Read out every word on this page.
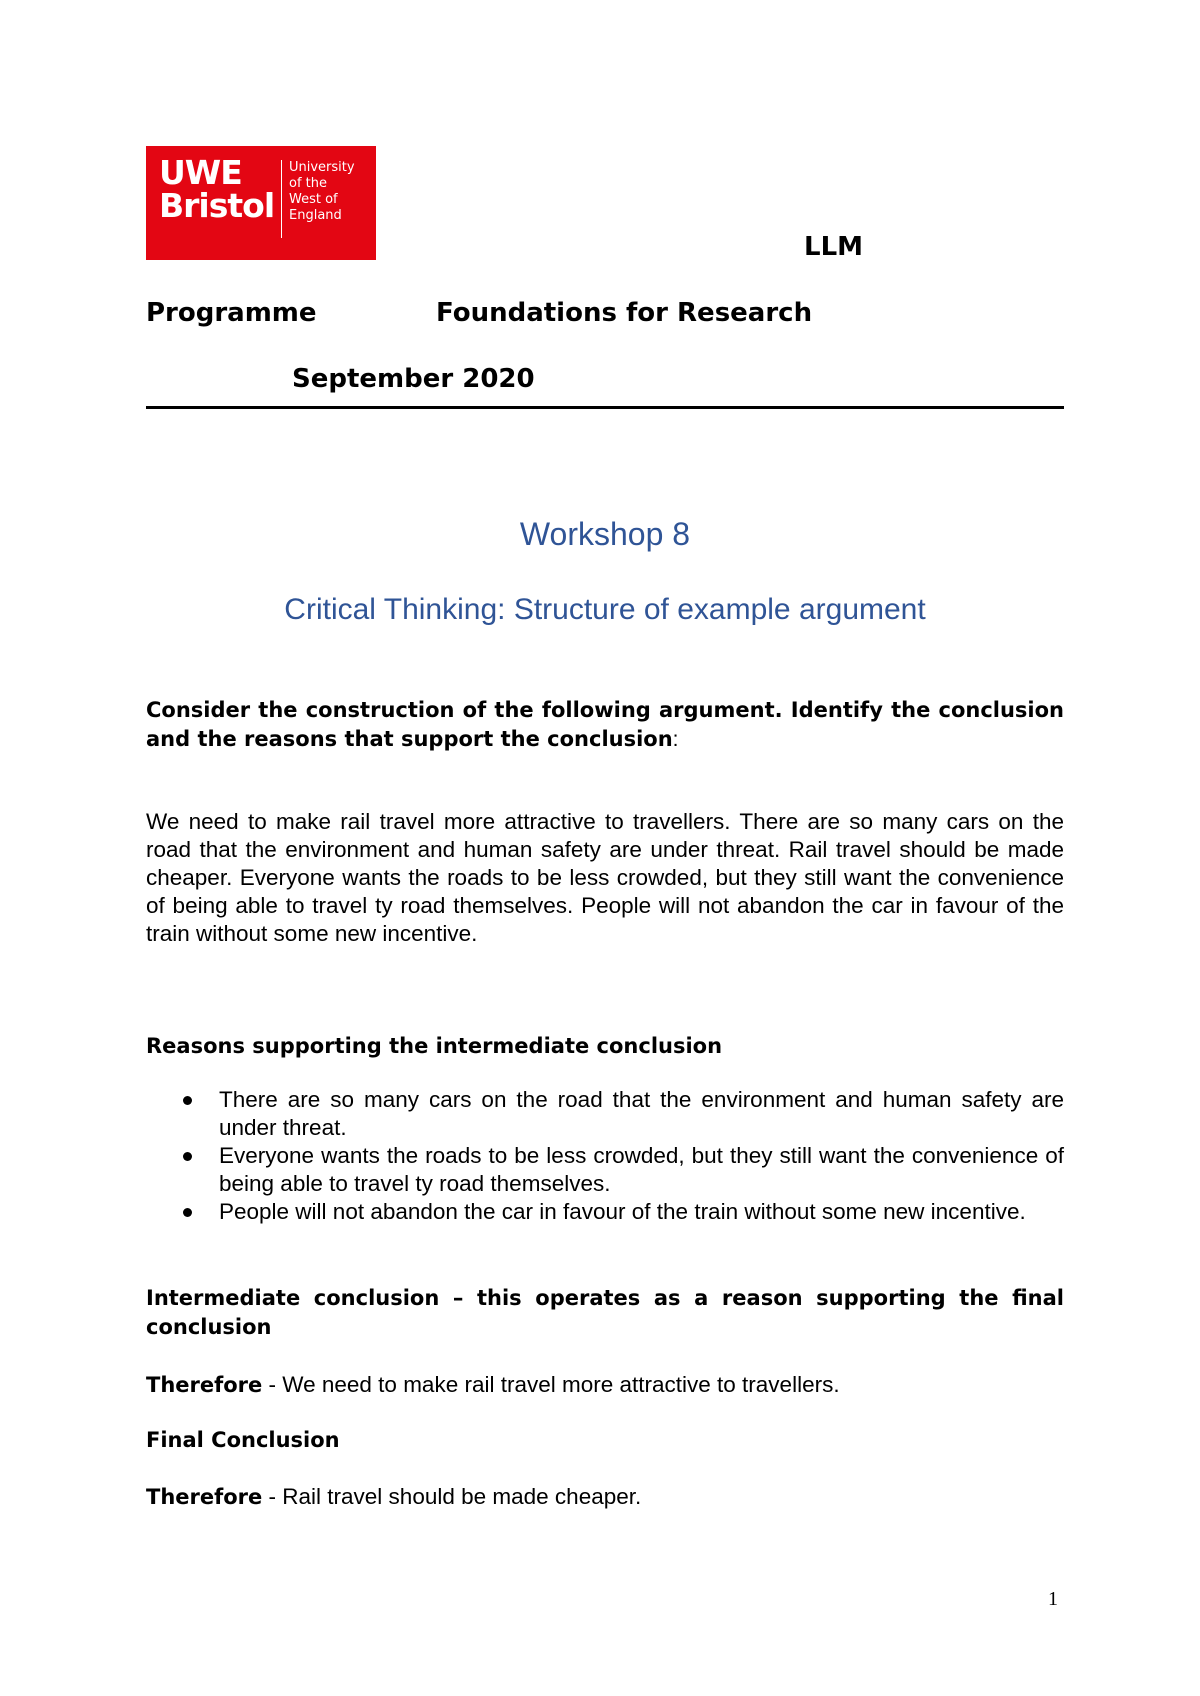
UWE
Bristol
University
of the
West of
England
LLM
Programme	Foundations for Research
September 2020
Workshop 8
Critical Thinking: Structure of example argument
Consider the construction of the following argument. Identify the conclusion and the reasons that support the conclusion:
We need to make rail travel more attractive to travellers. There are so many cars on the road that the environment and human safety are under threat. Rail travel should be made cheaper. Everyone wants the roads to be less crowded, but they still want the convenience of being able to travel ty road themselves. People will not abandon the car in favour of the train without some new incentive.
Reasons supporting the intermediate conclusion
There are so many cars on the road that the environment and human safety are under threat.
Everyone wants the roads to be less crowded, but they still want the convenience of being able to travel ty road themselves.
People will not abandon the car in favour of the train without some new incentive.
Intermediate conclusion – this operates as a reason supporting the final conclusion
Therefore - We need to make rail travel more attractive to travellers.
Final Conclusion
Therefore - Rail travel should be made cheaper.
1
